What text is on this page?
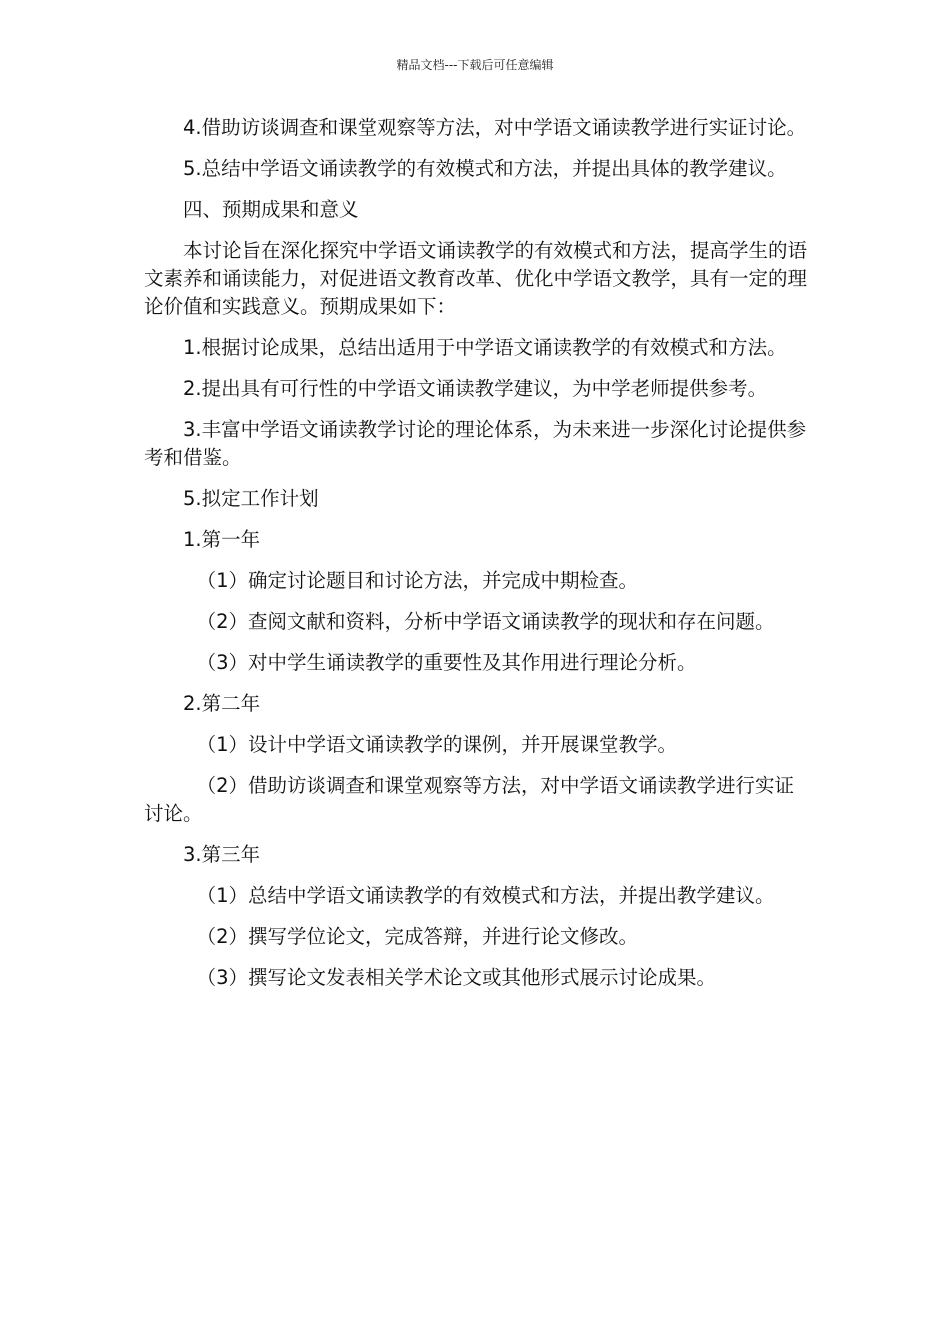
精品文档---下载后可任意编辑

4.借助访谈调查和课堂观察等方法，对中学语文诵读教学进行实证讨论。

5.总结中学语文诵读教学的有效模式和方法，并提出具体的教学建议。

四、预期成果和意义

本讨论旨在深化探究中学语文诵读教学的有效模式和方法，提高学生的语文素养和诵读能力，对促进语文教育改革、优化中学语文教学，具有一定的理论价值和实践意义。预期成果如下：

1.根据讨论成果，总结出适用于中学语文诵读教学的有效模式和方法。

2.提出具有可行性的中学语文诵读教学建议，为中学老师提供参考。

3.丰富中学语文诵读教学讨论的理论体系，为未来进一步深化讨论提供参考和借鉴。

5.拟定工作计划

1.第一年

（1）确定讨论题目和讨论方法，并完成中期检查。

（2）查阅文献和资料，分析中学语文诵读教学的现状和存在问题。

（3）对中学生诵读教学的重要性及其作用进行理论分析。

2.第二年

（1）设计中学语文诵读教学的课例，并开展课堂教学。

（2）借助访谈调查和课堂观察等方法，对中学语文诵读教学进行实证讨论。

3.第三年

（1）总结中学语文诵读教学的有效模式和方法，并提出教学建议。

（2）撰写学位论文，完成答辩，并进行论文修改。

（3）撰写论文发表相关学术论文或其他形式展示讨论成果。
